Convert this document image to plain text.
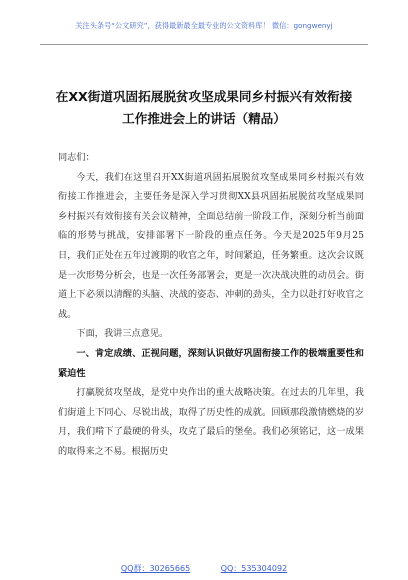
关注头条号“公文研究”，获得最新最全最专业的公文资料库！ 微信：gongwenyj
在XX街道巩固拓展脱贫攻坚成果同乡村振兴有效衔接
工作推进会上的讲话（精品）

同志们：

今天，我们在这里召开XX街道巩固拓展脱贫攻坚成果同乡村振兴有效衔接工作推进会，主要任务是深入学习贯彻XX县巩固拓展脱贫攻坚成果同乡村振兴有效衔接有关会议精神，全面总结前一阶段工作，深刻分析当前面临的形势与挑战，安排部署下一阶段的重点任务。今天是2025年9月25日，我们正处在五年过渡期的收官之年，时间紧迫，任务繁重。这次会议既是一次形势分析会，也是一次任务部署会，更是一次决战决胜的动员会。街道上下必须以清醒的头脑、决战的姿态、冲刺的劲头，全力以赴打好收官之战。

下面，我讲三点意见。

一、肯定成绩、正视问题，深刻认识做好巩固衔接工作的极端重要性和紧迫性

打赢脱贫攻坚战，是党中央作出的重大战略决策。在过去的几年里，我们街道上下同心、尽锐出战，取得了历史性的成就。回顾那段激情燃烧的岁月，我们啃下了最硬的骨头，攻克了最后的堡垒。我们必须铭记，这一成果的取得来之不易。根据历史

QQ群：30265665	QQ：535304092
